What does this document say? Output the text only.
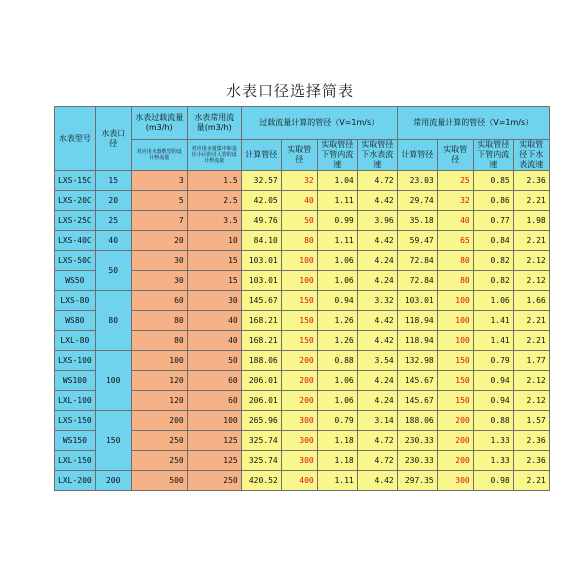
水表口径选择简表
水表型号	水表口径	水表过载流量(m3/h)	水表常用流量(m3/h)	过载流量计算的管径（V=1m/s）				常用流量计算的管径（V=1m/s）			
		对应用水器数型的设计秒流量	对应用水量集中和基住小区的引入管的设计秒流量	计算管径	实取管径	实取管径下管内流速	实取管径下水表流速	计算管径	实取管径	实取管径下管内流速	实取管径下水表流速
LXS-15C	15	3	1.5	32.57	32	1.04	4.72	23.03	25	0.85	2.36
LXS-20C	20	5	2.5	42.05	40	1.11	4.42	29.74	32	0.86	2.21
LXS-25C	25	7	3.5	49.76	50	0.99	3.96	35.18	40	0.77	1.98
LXS-40C	40	20	10	84.10	80	1.11	4.42	59.47	65	0.84	2.21
LXS-50C	50	30	15	103.01	100	1.06	4.24	72.84	80	0.82	2.12
WS50		30	15	103.01	100	1.06	4.24	72.84	80	0.82	2.12
LXS-80	80	60	30	145.67	150	0.94	3.32	103.01	100	1.06	1.66
WS80		80	40	168.21	150	1.26	4.42	118.94	100	1.41	2.21
LXL-80		80	40	168.21	150	1.26	4.42	118.94	100	1.41	2.21
LXS-100	100	100	50	188.06	200	0.88	3.54	132.98	150	0.79	1.77
WS100		120	60	206.01	200	1.06	4.24	145.67	150	0.94	2.12
LXL-100		120	60	206.01	200	1.06	4.24	145.67	150	0.94	2.12
LXS-150	150	200	100	265.96	300	0.79	3.14	188.06	200	0.88	1.57
WS150		250	125	325.74	300	1.18	4.72	230.33	200	1.33	2.36
LXL-150		250	125	325.74	300	1.18	4.72	230.33	200	1.33	2.36
LXL-200	200	500	250	420.52	400	1.11	4.42	297.35	300	0.98	2.21
